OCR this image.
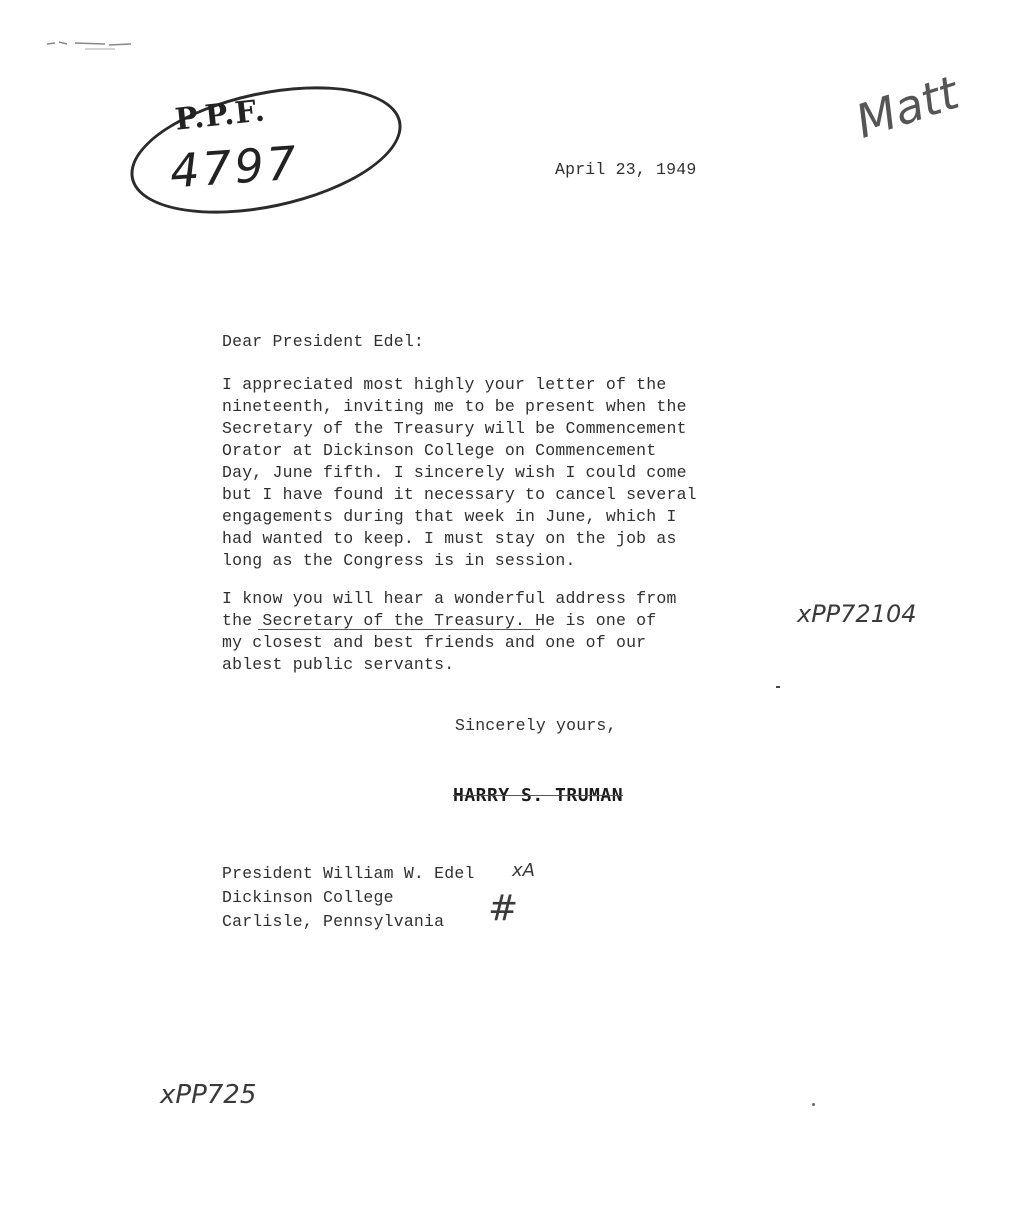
P.P.F.
4797
Matt
April 23, 1949
Dear President Edel:
I appreciated most highly your letter of the
nineteenth, inviting me to be present when the
Secretary of the Treasury will be Commencement
Orator at Dickinson College on Commencement
Day, June fifth. I sincerely wish I could come
but I have found it necessary to cancel several
engagements during that week in June, which I
had wanted to keep. I must stay on the job as
long as the Congress is in session.
I know you will hear a wonderful address from
the Secretary of the Treasury. He is one of
my closest and best friends and one of our
ablest public servants.
xPP72104
Sincerely yours,
HARRY S. TRUMAN
President William W. Edel
Dickinson College
Carlisle, Pennsylvania
xA
#
xPP725
